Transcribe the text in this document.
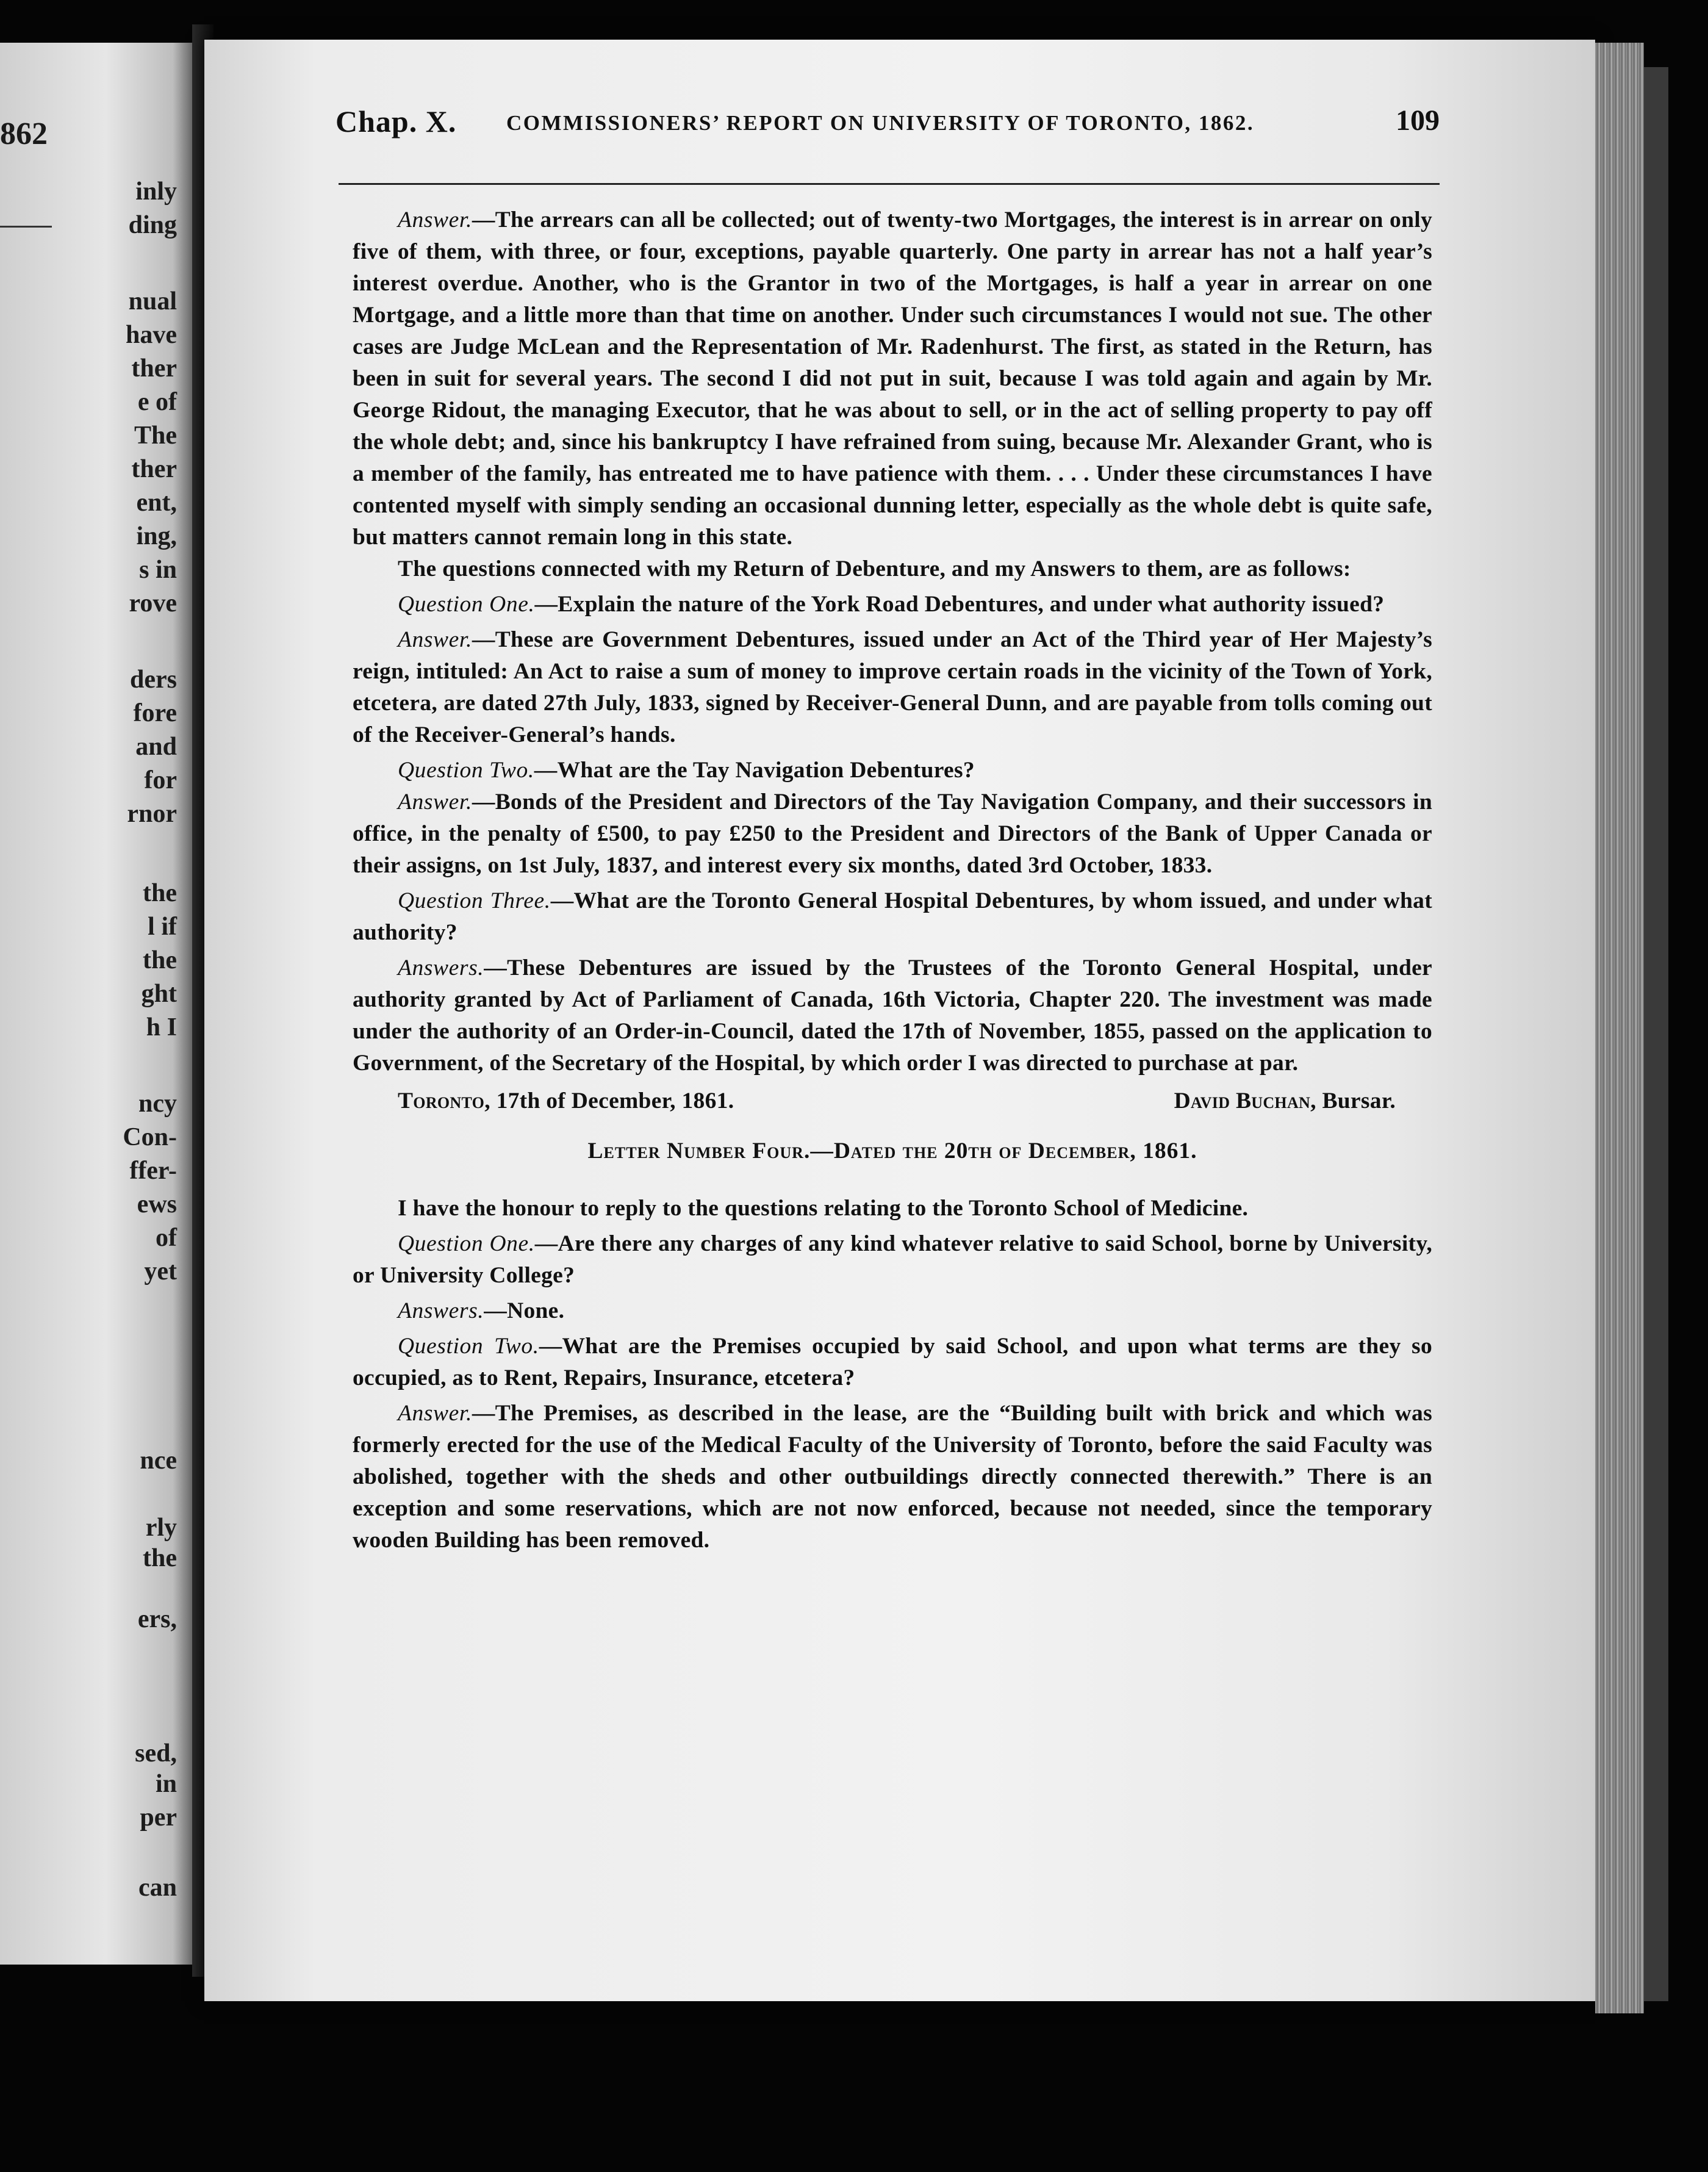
862
inly
ding
nual
have
ther
e of
The
ther
ent,
ing,
s in
rove
ders
fore
and
for
rnor
the
l if
the
ght
h I
ncy
Con-
ffer-
ews
of
yet
nce
rly
the
ers,
sed,
in
per
can
Chap. X. COMMISSIONERS’ REPORT ON UNIVERSITY OF TORONTO, 1862.	109

Answer.—The arrears can all be collected; out of twenty-two Mortgages, the interest is in arrear on only five of them, with three, or four, exceptions, payable quarterly. One party in arrear has not a half year’s interest overdue. Another, who is the Grantor in two of the Mortgages, is half a year in arrear on one Mortgage, and a little more than that time on another. Under such circumstances I would not sue. The other cases are Judge McLean and the Representation of Mr. Radenhurst. The first, as stated in the Return, has been in suit for several years. The second I did not put in suit, because I was told again and again by Mr. George Ridout, the managing Executor, that he was about to sell, or in the act of selling property to pay off the whole debt; and, since his bankruptcy I have refrained from suing, because Mr. Alexander Grant, who is a member of the family, has entreated me to have patience with them. . . . Under these circumstances I have contented myself with simply sending an occasional dunning letter, especially as the whole debt is quite safe, but matters cannot remain long in this state.

The questions connected with my Return of Debenture, and my Answers to them, are as follows:

Question One.—Explain the nature of the York Road Debentures, and under what authority issued?

Answer.—These are Government Debentures, issued under an Act of the Third year of Her Majesty’s reign, intituled: An Act to raise a sum of money to improve certain roads in the vicinity of the Town of York, etcetera, are dated 27th July, 1833, signed by Receiver-General Dunn, and are payable from tolls coming out of the Receiver-General’s hands.

Question Two.—What are the Tay Navigation Debentures?

Answer.—Bonds of the President and Directors of the Tay Navigation Company, and their successors in office, in the penalty of £500, to pay £250 to the President and Directors of the Bank of Upper Canada or their assigns, on 1st July, 1837, and interest every six months, dated 3rd October, 1833.

Question Three.—What are the Toronto General Hospital Debentures, by whom issued, and under what authority?

Answers.—These Debentures are issued by the Trustees of the Toronto General Hospital, under authority granted by Act of Parliament of Canada, 16th Victoria, Chapter 220. The investment was made under the authority of an Order-in-Council, dated the 17th of November, 1855, passed on the application to Government, of the Secretary of the Hospital, by which order I was directed to purchase at par.

Toronto, 17th of December, 1861.	David Buchan, Bursar.
Letter Number Four.—Dated the 20th of December, 1861.

I have the honour to reply to the questions relating to the Toronto School of Medicine.

Question One.—Are there any charges of any kind whatever relative to said School, borne by University, or University College?

Answers.—None.

Question Two.—What are the Premises occupied by said School, and upon what terms are they so occupied, as to Rent, Repairs, Insurance, etcetera?

Answer.—The Premises, as described in the lease, are the “Building built with brick and which was formerly erected for the use of the Medical Faculty of the University of Toronto, before the said Faculty was abolished, together with the sheds and other outbuildings directly connected therewith.” There is an exception and some reservations, which are not now enforced, because not needed, since the temporary wooden Building has been removed.
